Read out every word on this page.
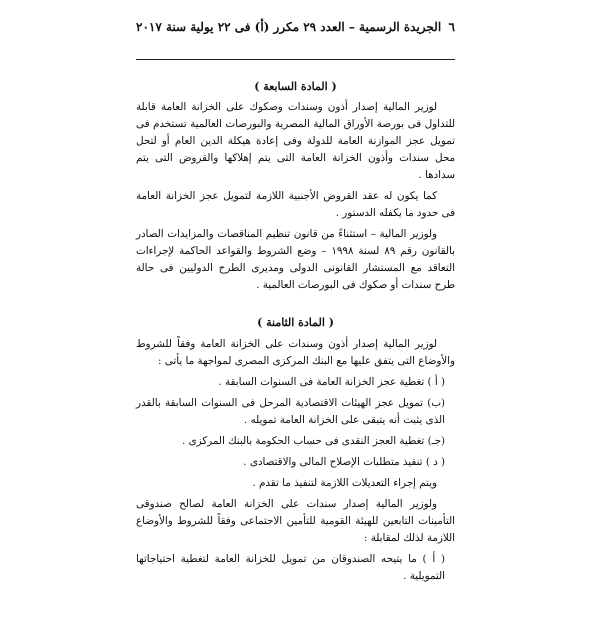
٦
الجريدة الرسمية – العدد ٢٩ مكرر (أ) فى ٢٢ يولية سنة ٢٠١٧
( المادة السابعة )

لوزير المالية إصدار أذون وسندات وصكوك على الخزانة العامة قابلة للتداول فى بورصة الأوراق المالية المصرية والبورصات العالمية تستخدم فى تمويل عجز الموازنة العامة للدولة وفى إعادة هيكلة الدين العام أو لتحل محل سندات وأذون الخزانة العامة التى يتم إهلاكها والقروض التى يتم سدادها .

كما يكون له عقد القروض الأجنبية اللازمة لتمويل عجز الخزانة العامة فى حدود ما يكفله الدستور .

ولوزير المالية – استثناءً من قانون تنظيم المناقصات والمزايدات الصادر بالقانون رقم ٨٩ لسنة ١٩٩٨ – وضع الشروط والقواعد الحاكمة لإجراءات التعاقد مع المستشار القانونى الدولى ومديرى الطرح الدوليين فى حالة طرح سندات أو صكوك فى البورصات العالمية .

( المادة الثامنة )

لوزير المالية إصدار أذون وسندات على الخزانة العامة وفقاً للشروط والأوضاع التى يتفق عليها مع البنك المركزى المصرى لمواجهة ما يأتى :

( أ ) تغطية عجز الخزانة العامة فى السنوات السابقة .

(ب) تمويل عجز الهيئات الاقتصادية المرحل فى السنوات السابقة بالقدر الذى يثبت أنه يتبقى على الخزانة العامة تمويله .

(جـ) تغطية العجز النقدى فى حساب الحكومة بالبنك المركزى .

( د ) تنفيذ متطلبات الإصلاح المالى والاقتصادى .

ويتم إجراء التعديلات اللازمة لتنفيذ ما تقدم .

ولوزير المالية إصدار سندات على الخزانة العامة لصالح صندوقى التأمينات التابعين للهيئة القومية للتأمين الاجتماعى وفقاً للشروط والأوضاع اللازمة لذلك لمقابلة :

( أ ) ما يتيحه الصندوقان من تمويل للخزانة العامة لتغطية احتياجاتها التمويلية .
